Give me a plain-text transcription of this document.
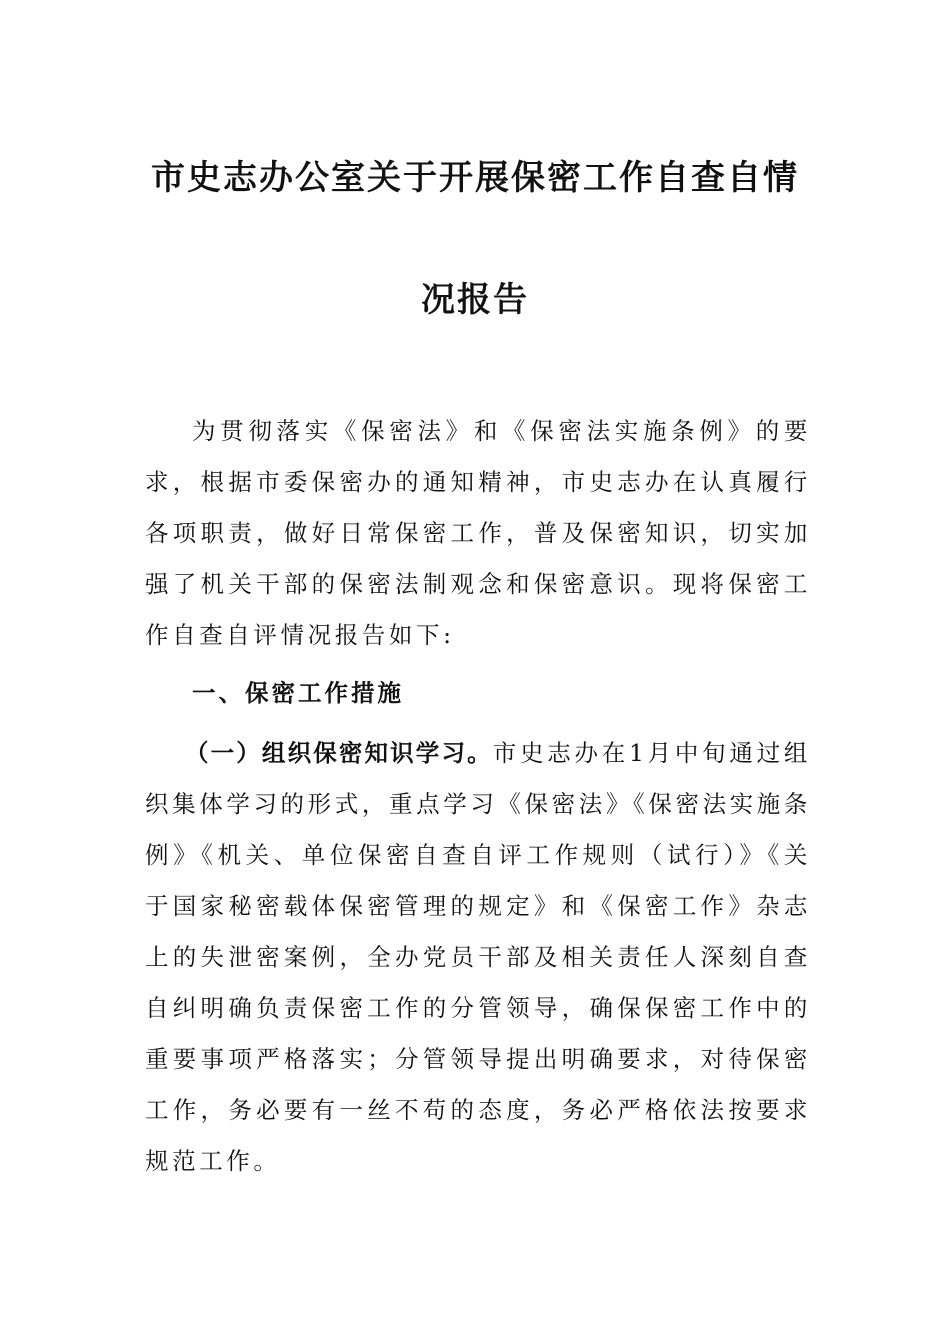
市史志办公室关于开展保密工作自查自情
况报告
为贯彻落实《保密法》和《保密法实施条例》的要求，根据市委保密办的通知精神，市史志办在认真履行各项职责，做好日常保密工作，普及保密知识，切实加强了机关干部的保密法制观念和保密意识。现将保密工作自查自评情况报告如下:
一、保密工作措施
（一）组织保密知识学习。市史志办在1月中旬通过组织集体学习的形式，重点学习《保密法》《保密法实施条例》《机关、单位保密自查自评工作规则（试行）》《关于国家秘密载体保密管理的规定》和《保密工作》杂志上的失泄密案例，全办党员干部及相关责任人深刻自查自纠明确负责保密工作的分管领导，确保保密工作中的重要事项严格落实；分管领导提出明确要求，对待保密工作，务必要有一丝不苟的态度，务必严格依法按要求规范工作。
